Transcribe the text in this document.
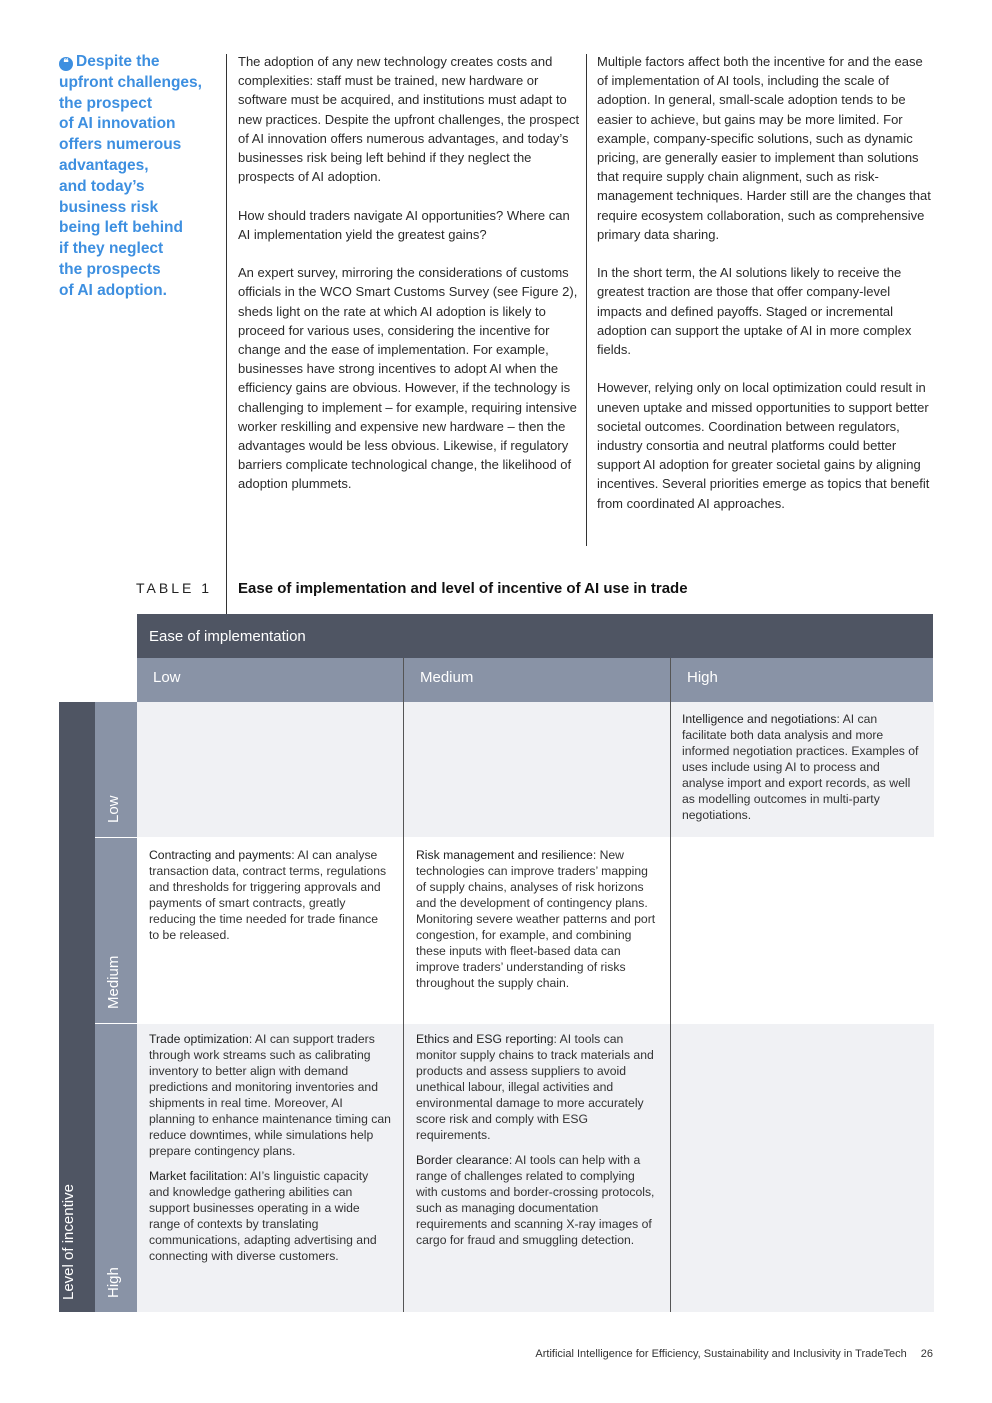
❝ Despite the
upfront challenges,
the prospect
of AI innovation
offers numerous
advantages,
and today’s
business risk
being left behind
if they neglect
the prospects
of AI adoption.

The adoption of any new technology creates costs and complexities: staff must be trained, new hardware or software must be acquired, and institutions must adapt to new practices. Despite the upfront challenges, the prospect of AI innovation offers numerous advantages, and today’s businesses risk being left behind if they neglect the prospects of AI adoption.

How should traders navigate AI opportunities? Where can AI implementation yield the greatest gains?

An expert survey, mirroring the considerations of customs officials in the WCO Smart Customs Survey (see Figure 2), sheds light on the rate at which AI adoption is likely to proceed for various uses, considering the incentive for change and the ease of implementation. For example, businesses have strong incentives to adopt AI when the efficiency gains are obvious. However, if the technology is challenging to implement – for example, requiring intensive worker reskilling and expensive new hardware – then the advantages would be less obvious. Likewise, if regulatory barriers complicate technological change, the likelihood of adoption plummets.

Multiple factors affect both the incentive for and the ease of implementation of AI tools, including the scale of adoption. In general, small-scale adoption tends to be easier to achieve, but gains may be more limited. For example, company-specific solutions, such as dynamic pricing, are generally easier to implement than solutions that require supply chain alignment, such as risk-management techniques. Harder still are the changes that require ecosystem collaboration, such as comprehensive primary data sharing.

In the short term, the AI solutions likely to receive the greatest traction are those that offer company-level impacts and defined payoffs. Staged or incremental adoption can support the uptake of AI in more complex fields.

However, relying only on local optimization could result in uneven uptake and missed opportunities to support better societal outcomes. Coordination between regulators, industry consortia and neutral platforms could better support AI adoption for greater societal gains by aligning incentives. Several priorities emerge as topics that benefit from coordinated AI approaches.

TABLE 1 Ease of implementation and level of incentive of AI use in trade
Ease of implementation
Low	Medium	High
Level of incentive
Low
Medium
High

Intelligence and negotiations: AI can facilitate both data analysis and more informed negotiation practices. Examples of uses include using AI to process and analyse import and export records, as well as modelling outcomes in multi-party negotiations.

Contracting and payments: AI can analyse transaction data, contract terms, regulations and thresholds for triggering approvals and payments of smart contracts, greatly reducing the time needed for trade finance to be released.

Risk management and resilience: New technologies can improve traders’ mapping of supply chains, analyses of risk horizons and the development of contingency plans. Monitoring severe weather patterns and port congestion, for example, and combining these inputs with fleet-based data can improve traders’ understanding of risks throughout the supply chain.

Trade optimization: AI can support traders through work streams such as calibrating inventory to better align with demand predictions and monitoring inventories and shipments in real time. Moreover, AI planning to enhance maintenance timing can reduce downtimes, while simulations help prepare contingency plans.

Market facilitation: AI’s linguistic capacity and knowledge gathering abilities can support businesses operating in a wide range of contexts by translating communications, adapting advertising and connecting with diverse customers.

Ethics and ESG reporting: AI tools can monitor supply chains to track materials and products and assess suppliers to avoid unethical labour, illegal activities and environmental damage to more accurately score risk and comply with ESG requirements.

Border clearance: AI tools can help with a range of challenges related to complying with customs and border-crossing protocols, such as managing documentation requirements and scanning X-ray images of cargo for fraud and smuggling detection.

Artificial Intelligence for Efficiency, Sustainability and Inclusivity in TradeTech 26
